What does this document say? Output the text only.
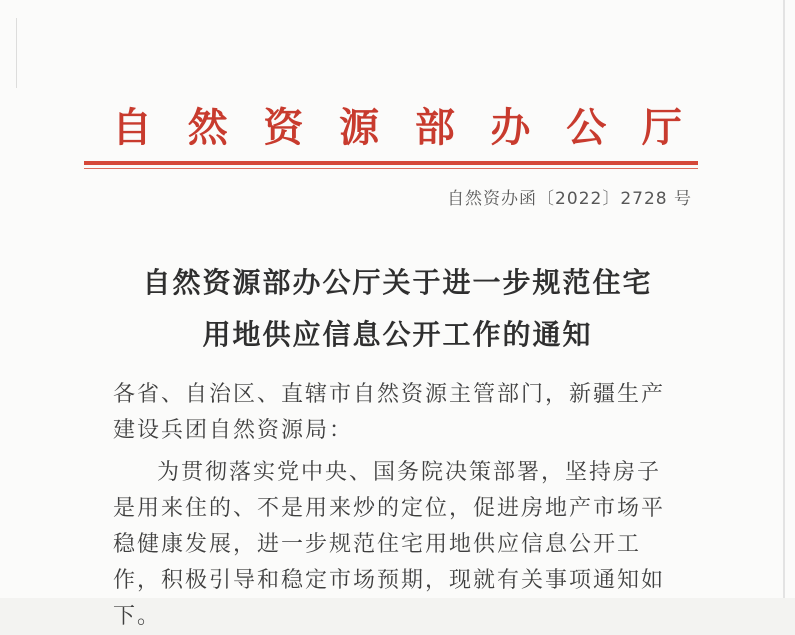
自 然 资 源 部 办 公 厅
自然资办函〔2022〕2728 号
自然资源部办公厅关于进一步规范住宅
用地供应信息公开工作的通知
各省、自治区、直辖市自然资源主管部门，新疆生产建设兵团自然资源局：
为贯彻落实党中央、国务院决策部署，坚持房子是用来住的、不是用来炒的定位，促进房地产市场平稳健康发展，进一步规范住宅用地供应信息公开工作，积极引导和稳定市场预期，现就有关事项通知如下。
